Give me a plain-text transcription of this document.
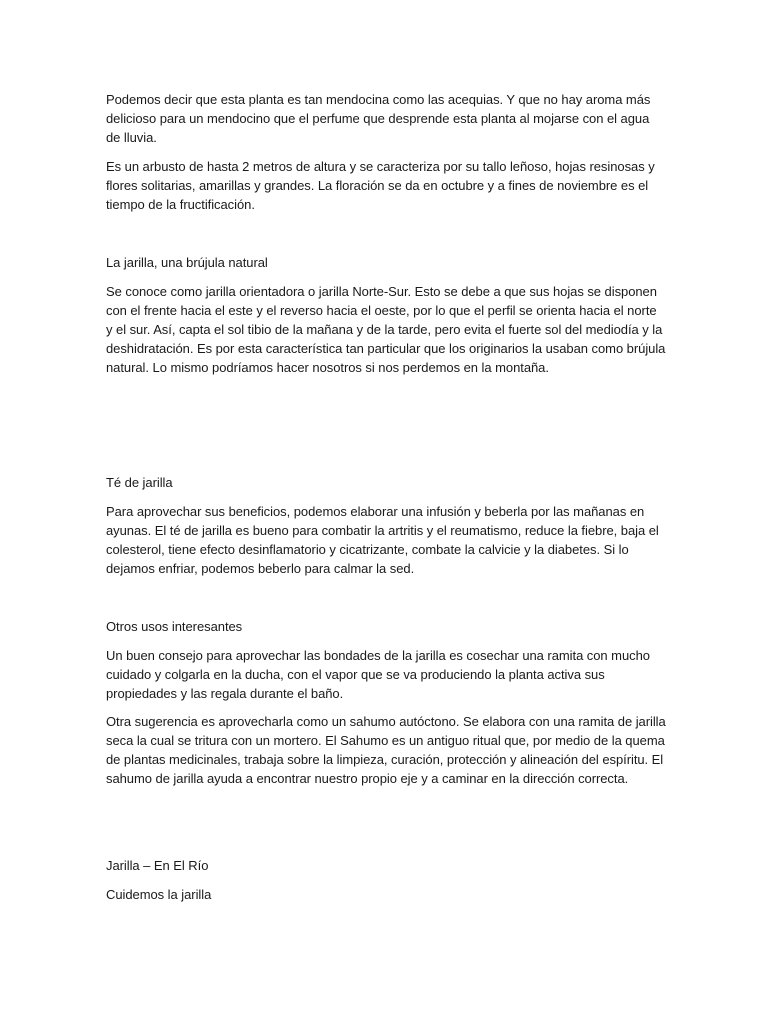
Podemos decir que esta planta es tan mendocina como las acequias. Y que no hay aroma más delicioso para un mendocino que el perfume que desprende esta planta al mojarse con el agua de lluvia.

Es un arbusto de hasta 2 metros de altura y se caracteriza por su tallo leñoso, hojas resinosas y flores solitarias, amarillas y grandes. La floración se da en octubre y a fines de noviembre es el tiempo de la fructificación.

La jarilla, una brújula natural

Se conoce como jarilla orientadora o jarilla Norte-Sur. Esto se debe a que sus hojas se disponen con el frente hacia el este y el reverso hacia el oeste, por lo que el perfil se orienta hacia el norte y el sur. Así, capta el sol tibio de la mañana y de la tarde, pero evita el fuerte sol del mediodía y la deshidratación. Es por esta característica tan particular que los originarios la usaban como brújula natural. Lo mismo podríamos hacer nosotros si nos perdemos en la montaña.

Té de jarilla

Para aprovechar sus beneficios, podemos elaborar una infusión y beberla por las mañanas en ayunas. El té de jarilla es bueno para combatir la artritis y el reumatismo, reduce la fiebre, baja el colesterol, tiene efecto desinflamatorio y cicatrizante, combate la calvicie y la diabetes. Si lo dejamos enfriar, podemos beberlo para calmar la sed.

Otros usos interesantes

Un buen consejo para aprovechar las bondades de la jarilla es cosechar una ramita con mucho cuidado y colgarla en la ducha, con el vapor que se va produciendo la planta activa sus propiedades y las regala durante el baño.

Otra sugerencia es aprovecharla como un sahumo autóctono. Se elabora con una ramita de jarilla seca la cual se tritura con un mortero. El Sahumo es un antiguo ritual que, por medio de la quema de plantas medicinales, trabaja sobre la limpieza, curación, protección y alineación del espíritu. El sahumo de jarilla ayuda a encontrar nuestro propio eje y a caminar en la dirección correcta.

Jarilla – En El Río

Cuidemos la jarilla
